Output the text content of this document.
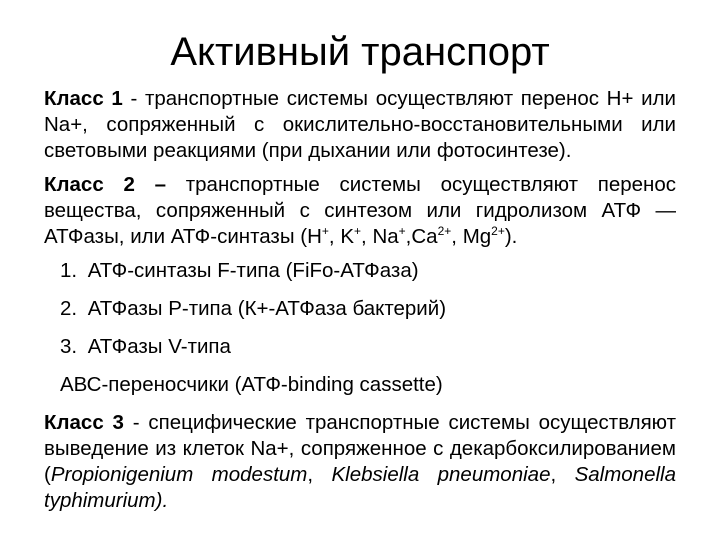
Активный транспорт

Класс 1 - транспортные системы осуществляют перенос Н+ или Na+, сопряженный с окислительно-восстановительными или световыми реакциями (при дыхании или фотосинтезе).

Класс 2 – транспортные системы осуществляют перенос вещества, сопряженный с синтезом или гидролизом АТФ — АТФазы, или АТФ-синтазы (Н+, K+, $Na^+,Ca^{2+}$, $Mg^{2+}$).

1. АТФ-синтазы F-типа (FiFo-АТФаза)
2. АТФазы Р-типа (К+-АТФаза бактерий)
3. АТФазы V-типа
АВС-переносчики (АТФ-binding cassette)

Класс 3 - специфические транспортные системы осуществляют выведение из клеток Na+, сопряженное с декарбоксилированием (Propionigenium modestum, Klebsiella pneumoniae, Salmonella typhimurium).
